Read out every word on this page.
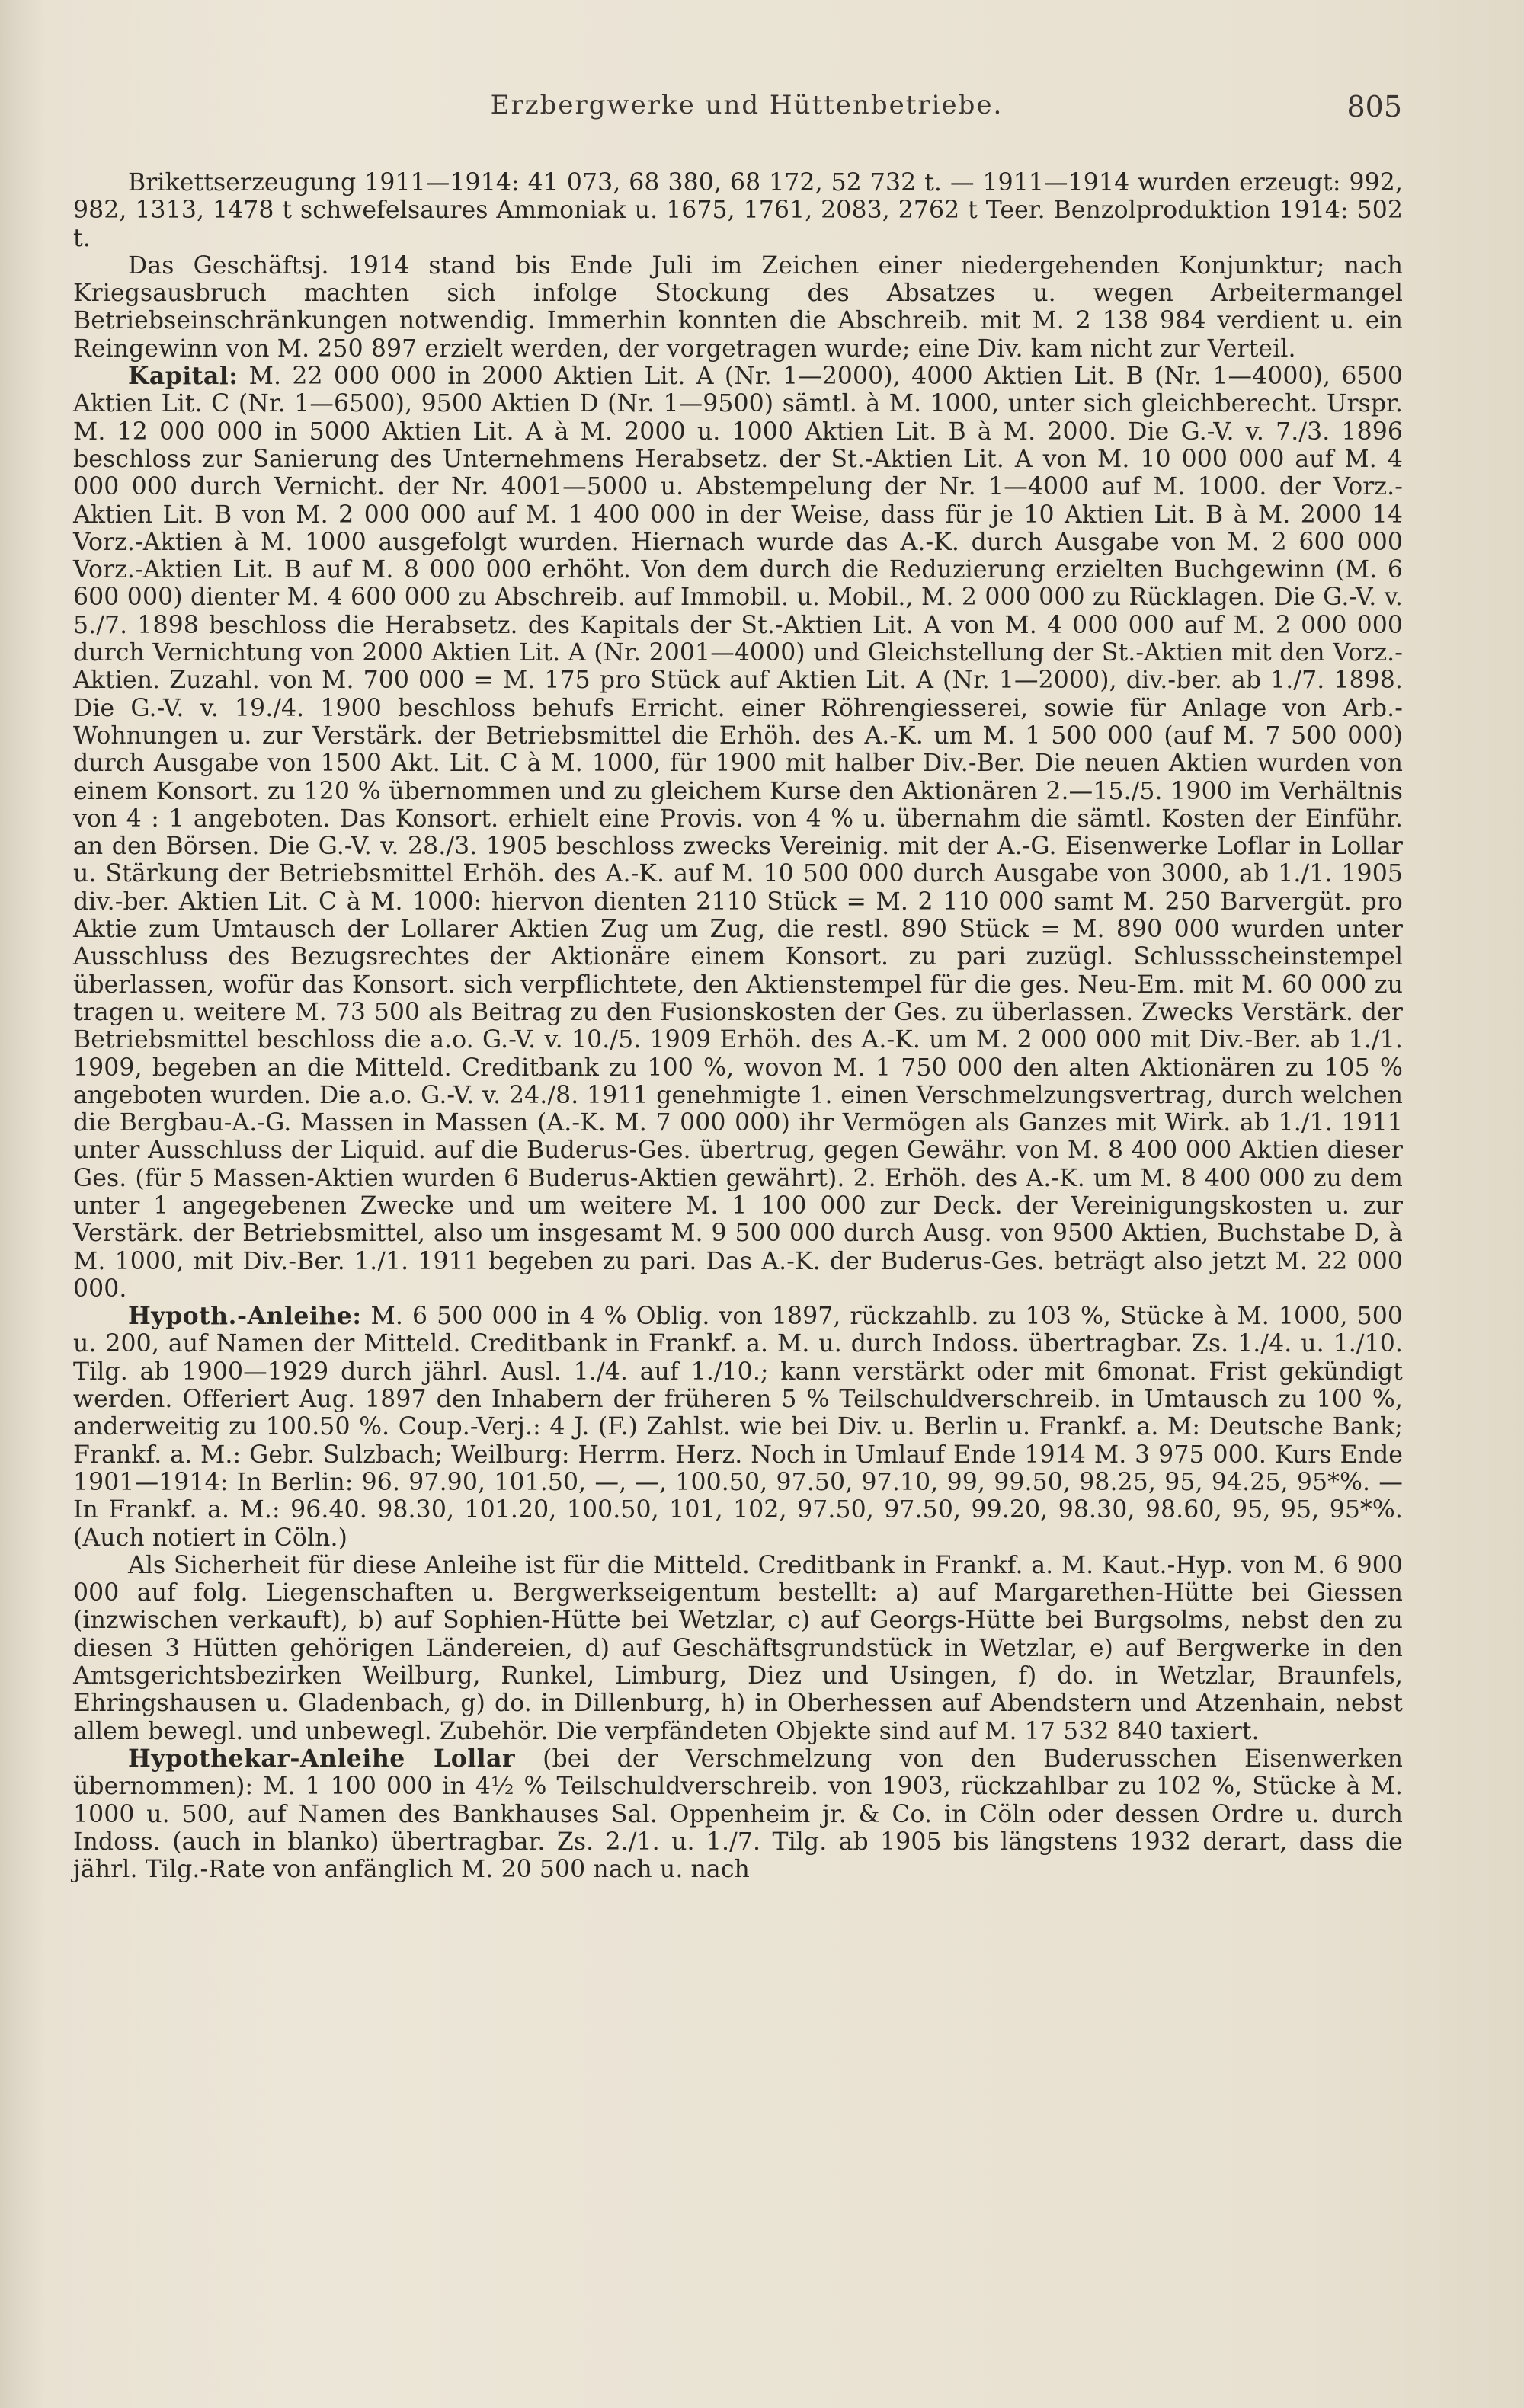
Erzbergwerke und Hüttenbetriebe.	805

Brikettserzeugung 1911—1914: 41 073, 68 380, 68 172, 52 732 t. — 1911—1914 wurden erzeugt: 992, 982, 1313, 1478 t schwefelsaures Ammoniak u. 1675, 1761, 2083, 2762 t Teer. Benzolproduktion 1914: 502 t.

Das Geschäftsj. 1914 stand bis Ende Juli im Zeichen einer niedergehenden Konjunktur; nach Kriegsausbruch machten sich infolge Stockung des Absatzes u. wegen Arbeitermangel Betriebseinschränkungen notwendig. Immerhin konnten die Abschreib. mit M. 2 138 984 verdient u. ein Reingewinn von M. 250 897 erzielt werden, der vorgetragen wurde; eine Div. kam nicht zur Verteil.

Kapital: M. 22 000 000 in 2000 Aktien Lit. A (Nr. 1—2000), 4000 Aktien Lit. B (Nr. 1—4000), 6500 Aktien Lit. C (Nr. 1—6500), 9500 Aktien D (Nr. 1—9500) sämtl. à M. 1000, unter sich gleichberecht. Urspr. M. 12 000 000 in 5000 Aktien Lit. A à M. 2000 u. 1000 Aktien Lit. B à M. 2000. Die G.-V. v. 7./3. 1896 beschloss zur Sanierung des Unternehmens Herabsetz. der St.-Aktien Lit. A von M. 10 000 000 auf M. 4 000 000 durch Vernicht. der Nr. 4001—5000 u. Abstempelung der Nr. 1—4000 auf M. 1000. der Vorz.-Aktien Lit. B von M. 2 000 000 auf M. 1 400 000 in der Weise, dass für je 10 Aktien Lit. B à M. 2000 14 Vorz.-Aktien à M. 1000 ausgefolgt wurden. Hiernach wurde das A.-K. durch Ausgabe von M. 2 600 000 Vorz.-Aktien Lit. B auf M. 8 000 000 erhöht. Von dem durch die Reduzierung erzielten Buchgewinn (M. 6 600 000) dienter M. 4 600 000 zu Abschreib. auf Immobil. u. Mobil., M. 2 000 000 zu Rücklagen. Die G.-V. v. 5./7. 1898 beschloss die Herabsetz. des Kapitals der St.-Aktien Lit. A von M. 4 000 000 auf M. 2 000 000 durch Vernichtung von 2000 Aktien Lit. A (Nr. 2001—4000) und Gleichstellung der St.-Aktien mit den Vorz.-Aktien. Zuzahl. von M. 700 000 = M. 175 pro Stück auf Aktien Lit. A (Nr. 1—2000), div.-ber. ab 1./7. 1898. Die G.-V. v. 19./4. 1900 beschloss behufs Erricht. einer Röhrengiesserei, sowie für Anlage von Arb.-Wohnungen u. zur Verstärk. der Betriebsmittel die Erhöh. des A.-K. um M. 1 500 000 (auf M. 7 500 000) durch Ausgabe von 1500 Akt. Lit. C à M. 1000, für 1900 mit halber Div.-Ber. Die neuen Aktien wurden von einem Konsort. zu 120 % übernommen und zu gleichem Kurse den Aktionären 2.—15./5. 1900 im Verhältnis von 4 : 1 angeboten. Das Konsort. erhielt eine Provis. von 4 % u. übernahm die sämtl. Kosten der Einführ. an den Börsen. Die G.-V. v. 28./3. 1905 beschloss zwecks Vereinig. mit der A.-G. Eisenwerke Loflar in Lollar u. Stärkung der Betriebsmittel Erhöh. des A.-K. auf M. 10 500 000 durch Ausgabe von 3000, ab 1./1. 1905 div.-ber. Aktien Lit. C à M. 1000: hiervon dienten 2110 Stück = M. 2 110 000 samt M. 250 Barvergüt. pro Aktie zum Umtausch der Lollarer Aktien Zug um Zug, die restl. 890 Stück = M. 890 000 wurden unter Ausschluss des Bezugsrechtes der Aktionäre einem Konsort. zu pari zuzügl. Schlussscheinstempel überlassen, wofür das Konsort. sich verpflichtete, den Aktienstempel für die ges. Neu-Em. mit M. 60 000 zu tragen u. weitere M. 73 500 als Beitrag zu den Fusionskosten der Ges. zu überlassen. Zwecks Verstärk. der Betriebsmittel beschloss die a.o. G.-V. v. 10./5. 1909 Erhöh. des A.-K. um M. 2 000 000 mit Div.-Ber. ab 1./1. 1909, begeben an die Mitteld. Creditbank zu 100 %, wovon M. 1 750 000 den alten Aktionären zu 105 % angeboten wurden. Die a.o. G.-V. v. 24./8. 1911 genehmigte 1. einen Verschmelzungsvertrag, durch welchen die Bergbau-A.-G. Massen in Massen (A.-K. M. 7 000 000) ihr Vermögen als Ganzes mit Wirk. ab 1./1. 1911 unter Ausschluss der Liquid. auf die Buderus-Ges. übertrug, gegen Gewähr. von M. 8 400 000 Aktien dieser Ges. (für 5 Massen-Aktien wurden 6 Buderus-Aktien gewährt). 2. Erhöh. des A.-K. um M. 8 400 000 zu dem unter 1 angegebenen Zwecke und um weitere M. 1 100 000 zur Deck. der Vereinigungskosten u. zur Verstärk. der Betriebsmittel, also um insgesamt M. 9 500 000 durch Ausg. von 9500 Aktien, Buchstabe D, à M. 1000, mit Div.-Ber. 1./1. 1911 begeben zu pari. Das A.-K. der Buderus-Ges. beträgt also jetzt M. 22 000 000.

Hypoth.-Anleihe: M. 6 500 000 in 4 % Oblig. von 1897, rückzahlb. zu 103 %, Stücke à M. 1000, 500 u. 200, auf Namen der Mitteld. Creditbank in Frankf. a. M. u. durch Indoss. übertragbar. Zs. 1./4. u. 1./10. Tilg. ab 1900—1929 durch jährl. Ausl. 1./4. auf 1./10.; kann verstärkt oder mit 6monat. Frist gekündigt werden. Offeriert Aug. 1897 den Inhabern der früheren 5 % Teilschuldverschreib. in Umtausch zu 100 %, anderweitig zu 100.50 %. Coup.-Verj.: 4 J. (F.) Zahlst. wie bei Div. u. Berlin u. Frankf. a. M: Deutsche Bank; Frankf. a. M.: Gebr. Sulzbach; Weilburg: Herrm. Herz. Noch in Umlauf Ende 1914 M. 3 975 000. Kurs Ende 1901—1914: In Berlin: 96. 97.90, 101.50, —, —, 100.50, 97.50, 97.10, 99, 99.50, 98.25, 95, 94.25, 95*%. — In Frankf. a. M.: 96.40. 98.30, 101.20, 100.50, 101, 102, 97.50, 97.50, 99.20, 98.30, 98.60, 95, 95, 95*%. (Auch notiert in Cöln.)

Als Sicherheit für diese Anleihe ist für die Mitteld. Creditbank in Frankf. a. M. Kaut.-Hyp. von M. 6 900 000 auf folg. Liegenschaften u. Bergwerkseigentum bestellt: a) auf Margarethen-Hütte bei Giessen (inzwischen verkauft), b) auf Sophien-Hütte bei Wetzlar, c) auf Georgs-Hütte bei Burgsolms, nebst den zu diesen 3 Hütten gehörigen Ländereien, d) auf Geschäftsgrundstück in Wetzlar, e) auf Bergwerke in den Amtsgerichtsbezirken Weilburg, Runkel, Limburg, Diez und Usingen, f) do. in Wetzlar, Braunfels, Ehringshausen u. Gladenbach, g) do. in Dillenburg, h) in Oberhessen auf Abendstern und Atzenhain, nebst allem bewegl. und unbewegl. Zubehör. Die verpfändeten Objekte sind auf M. 17 532 840 taxiert.

Hypothekar-Anleihe Lollar (bei der Verschmelzung von den Buderusschen Eisenwerken übernommen): M. 1 100 000 in 4½ % Teilschuldverschreib. von 1903, rückzahlbar zu 102 %, Stücke à M. 1000 u. 500, auf Namen des Bankhauses Sal. Oppenheim jr. & Co. in Cöln oder dessen Ordre u. durch Indoss. (auch in blanko) übertragbar. Zs. 2./1. u. 1./7. Tilg. ab 1905 bis längstens 1932 derart, dass die jährl. Tilg.-Rate von anfänglich M. 20 500 nach u. nach
